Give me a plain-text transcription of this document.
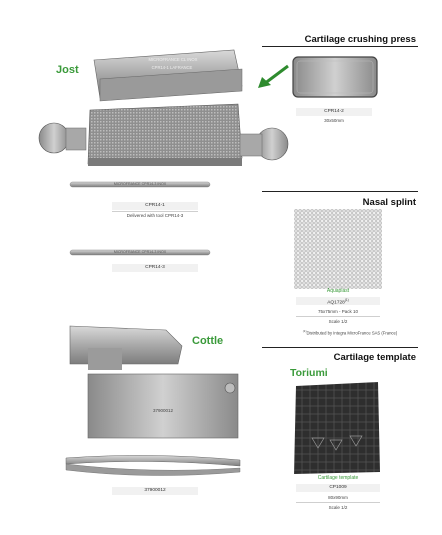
Jost
MICROFRANCE CL INOX
CPR14-1 LAFRANCE
MICROFRANCE CPR14-3 INOX
CPR14-1
Delivered with tool CPR14-3
MICROFRANCE CPR14-3 INOX
CPR14-3
Cartilage crushing press
CPR14-2
30x50mm
Nasal splint
Aquaplast
AQ1728$^{(1)}$
75x75mm - Pack 10
Scale 1/2
$^{(1)}$Distributed by Integra MicroFrance SAS (France)
Cottle
37900012
37900012
Cartilage template
Toriumi
Cartilage template
CP1009
80x90mm
Scale 1/2
